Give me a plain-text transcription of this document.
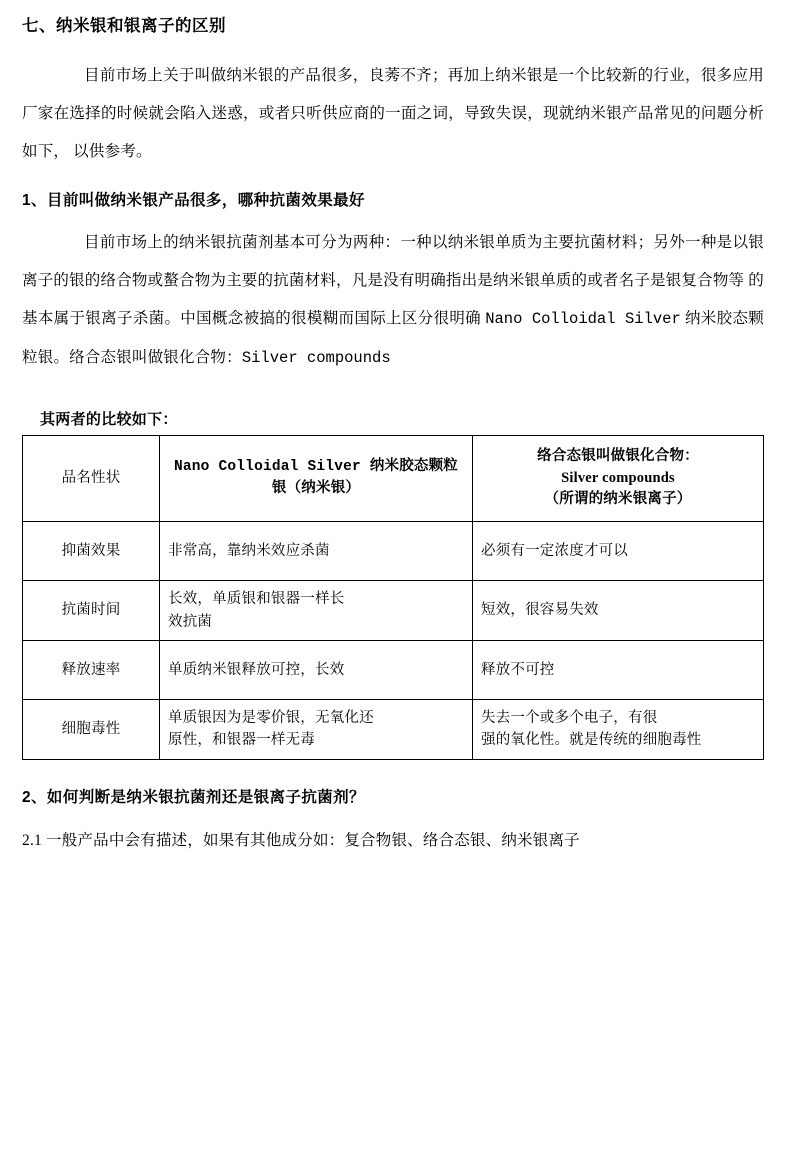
七、纳米银和银离子的区别

目前市场上关于叫做纳米银的产品很多，良莠不齐；再加上纳米银是一个比较新的行业，很多应用厂家在选择的时候就会陷入迷惑，或者只听供应商的一面之词，导致失误，现就纳米银产品常见的问题分析如下， 以供参考。

1、目前叫做纳米银产品很多，哪种抗菌效果最好

目前市场上的纳米银抗菌剂基本可分为两种：一种以纳米银单质为主要抗菌材料；另外一种是以银离子的银的络合物或螯合物为主要的抗菌材料，凡是没有明确指出是纳米银单质的或者名子是银复合物等 的基本属于银离子杀菌。中国概念被搞的很模糊而国际上区分很明确 Nano Colloidal Silver 纳米胶态颗粒银。络合态银叫做银化合物：Silver compounds

其两者的比较如下：
品名性状	Nano Colloidal Silver 纳米胶态颗粒银（纳米银）	络合态银叫做银化合物：
Silver compounds
（所谓的纳米银离子）

抑菌效果	非常高，靠纳米效应杀菌	必须有一定浓度才可以

抗菌时间	长效，单质银和银器一样长
效抗菌	短效，很容易失效

释放速率	单质纳米银释放可控，长效	释放不可控

细胞毒性	单质银因为是零价银，无氧化还
原性，和银器一样无毒	失去一个或多个电子，有很
强的氧化性。就是传统的细胞毒性
2、如何判断是纳米银抗菌剂还是银离子抗菌剂？

2.1 一般产品中会有描述，如果有其他成分如：复合物银、络合态银、纳米银离子
